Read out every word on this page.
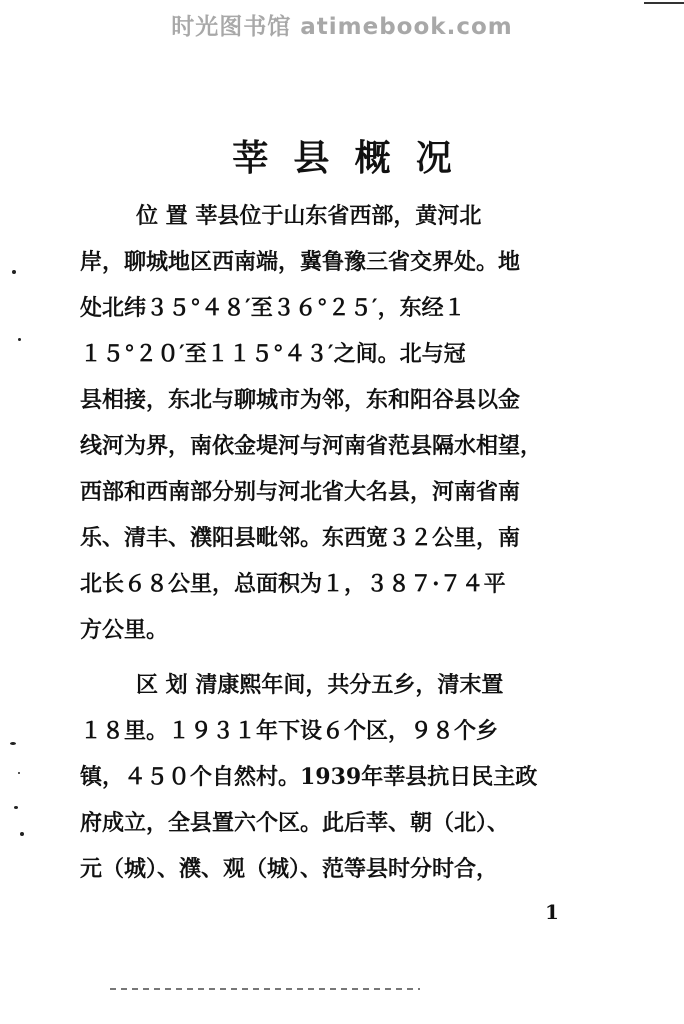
时光图书馆 atimebook.com
莘县概况
位 置 莘县位于山东省西部，黄河北
岸，聊城地区西南端，冀鲁豫三省交界处。地
处北纬３５°４８′至３６°２５′，东经１
１５°２０′至１１５°４３′之间。北与冠
县相接，东北与聊城市为邻，东和阳谷县以金
线河为界，南依金堤河与河南省范县隔水相望，
西部和西南部分别与河北省大名县，河南省南
乐、清丰、濮阳县毗邻。东西宽３２公里，南
北长６８公里，总面积为１，３８７·７４平
方公里。
区 划 清康熙年间，共分五乡，清末置
１８里。１９３１年下设６个区，９８个乡
镇，４５０个自然村。1939年莘县抗日民主政
府成立，全县置六个区。此后莘、朝（北）、
元（城）、濮、观（城）、范等县时分时合，
1
